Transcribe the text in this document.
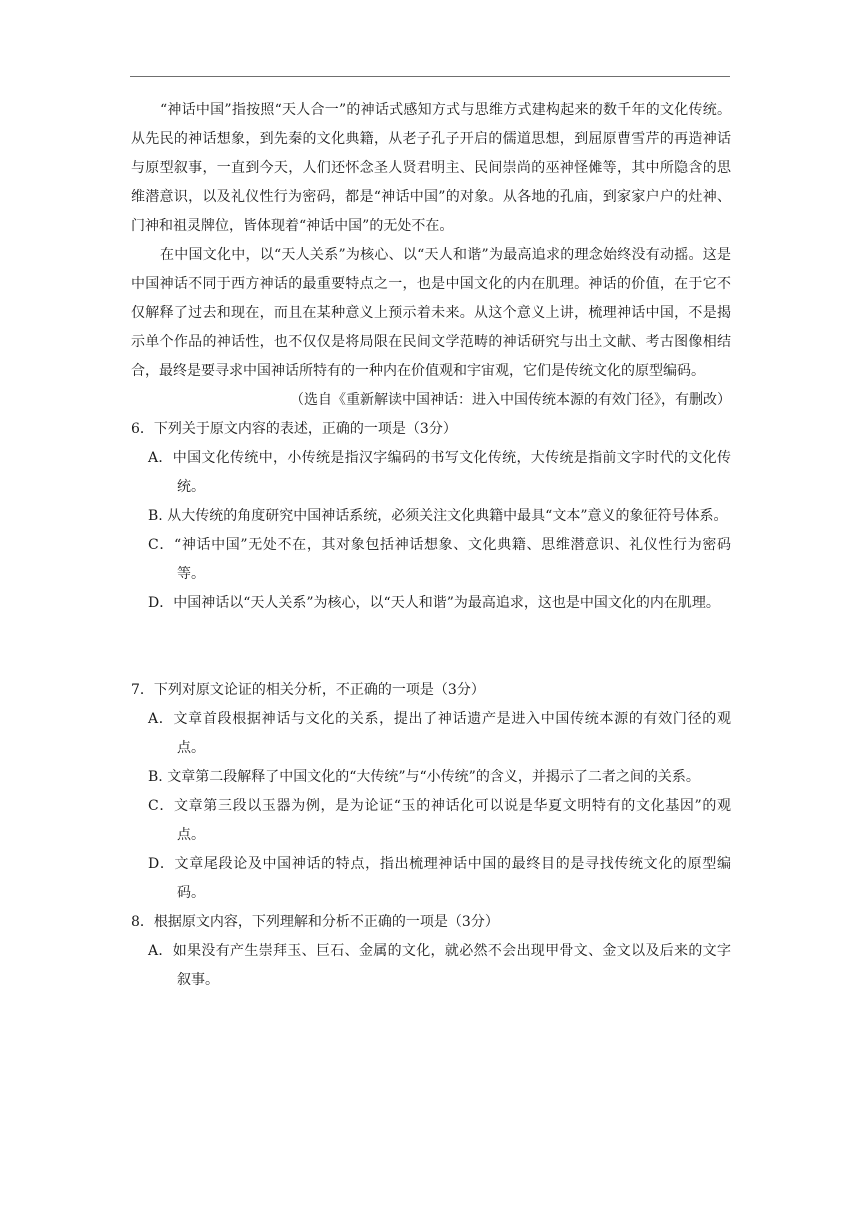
“神话中国”指按照“天人合一”的神话式感知方式与思维方式建构起来的数千年的文化传统。从先民的神话想象，到先秦的文化典籍，从老子孔子开启的儒道思想，到屈原曹雪芹的再造神话与原型叙事，一直到今天，人们还怀念圣人贤君明主、民间崇尚的巫神怪傩等，其中所隐含的思维潜意识，以及礼仪性行为密码，都是“神话中国”的对象。从各地的孔庙，到家家户户的灶神、门神和祖灵牌位，皆体现着“神话中国”的无处不在。

在中国文化中，以“天人关系”为核心、以“天人和谐”为最高追求的理念始终没有动摇。这是中国神话不同于西方神话的最重要特点之一，也是中国文化的内在肌理。神话的价值，在于它不仅解释了过去和现在，而且在某种意义上预示着未来。从这个意义上讲，梳理神话中国，不是揭示单个作品的神话性，也不仅仅是将局限在民间文学范畴的神话研究与出土文献、考古图像相结合，最终是要寻求中国神话所特有的一种内在价值观和宇宙观，它们是传统文化的原型编码。

（选自《重新解读中国神话：进入中国传统本源的有效门径》，有删改）

6．下列关于原文内容的表述，正确的一项是（3分）

A．中国文化传统中，小传统是指汉字编码的书写文化传统，大传统是指前文字时代的文化传统。

B. 从大传统的角度研究中国神话系统，必须关注文化典籍中最具“文本”意义的象征符号体系。

C．“神话中国”无处不在，其对象包括神话想象、文化典籍、思维潜意识、礼仪性行为密码等。

D．中国神话以“天人关系”为核心，以“天人和谐”为最高追求，这也是中国文化的内在肌理。

7．下列对原文论证的相关分析，不正确的一项是（3分）

A．文章首段根据神话与文化的关系，提出了神话遗产是进入中国传统本源的有效门径的观点。

B. 文章第二段解释了中国文化的“大传统”与“小传统”的含义，并揭示了二者之间的关系。

C．文章第三段以玉器为例，是为论证“玉的神话化可以说是华夏文明特有的文化基因”的观点。

D．文章尾段论及中国神话的特点，指出梳理神话中国的最终目的是寻找传统文化的原型编码。

8．根据原文内容，下列理解和分析不正确的一项是（3分）

A．如果没有产生崇拜玉、巨石、金属的文化，就必然不会出现甲骨文、金文以及后来的文字叙事。
